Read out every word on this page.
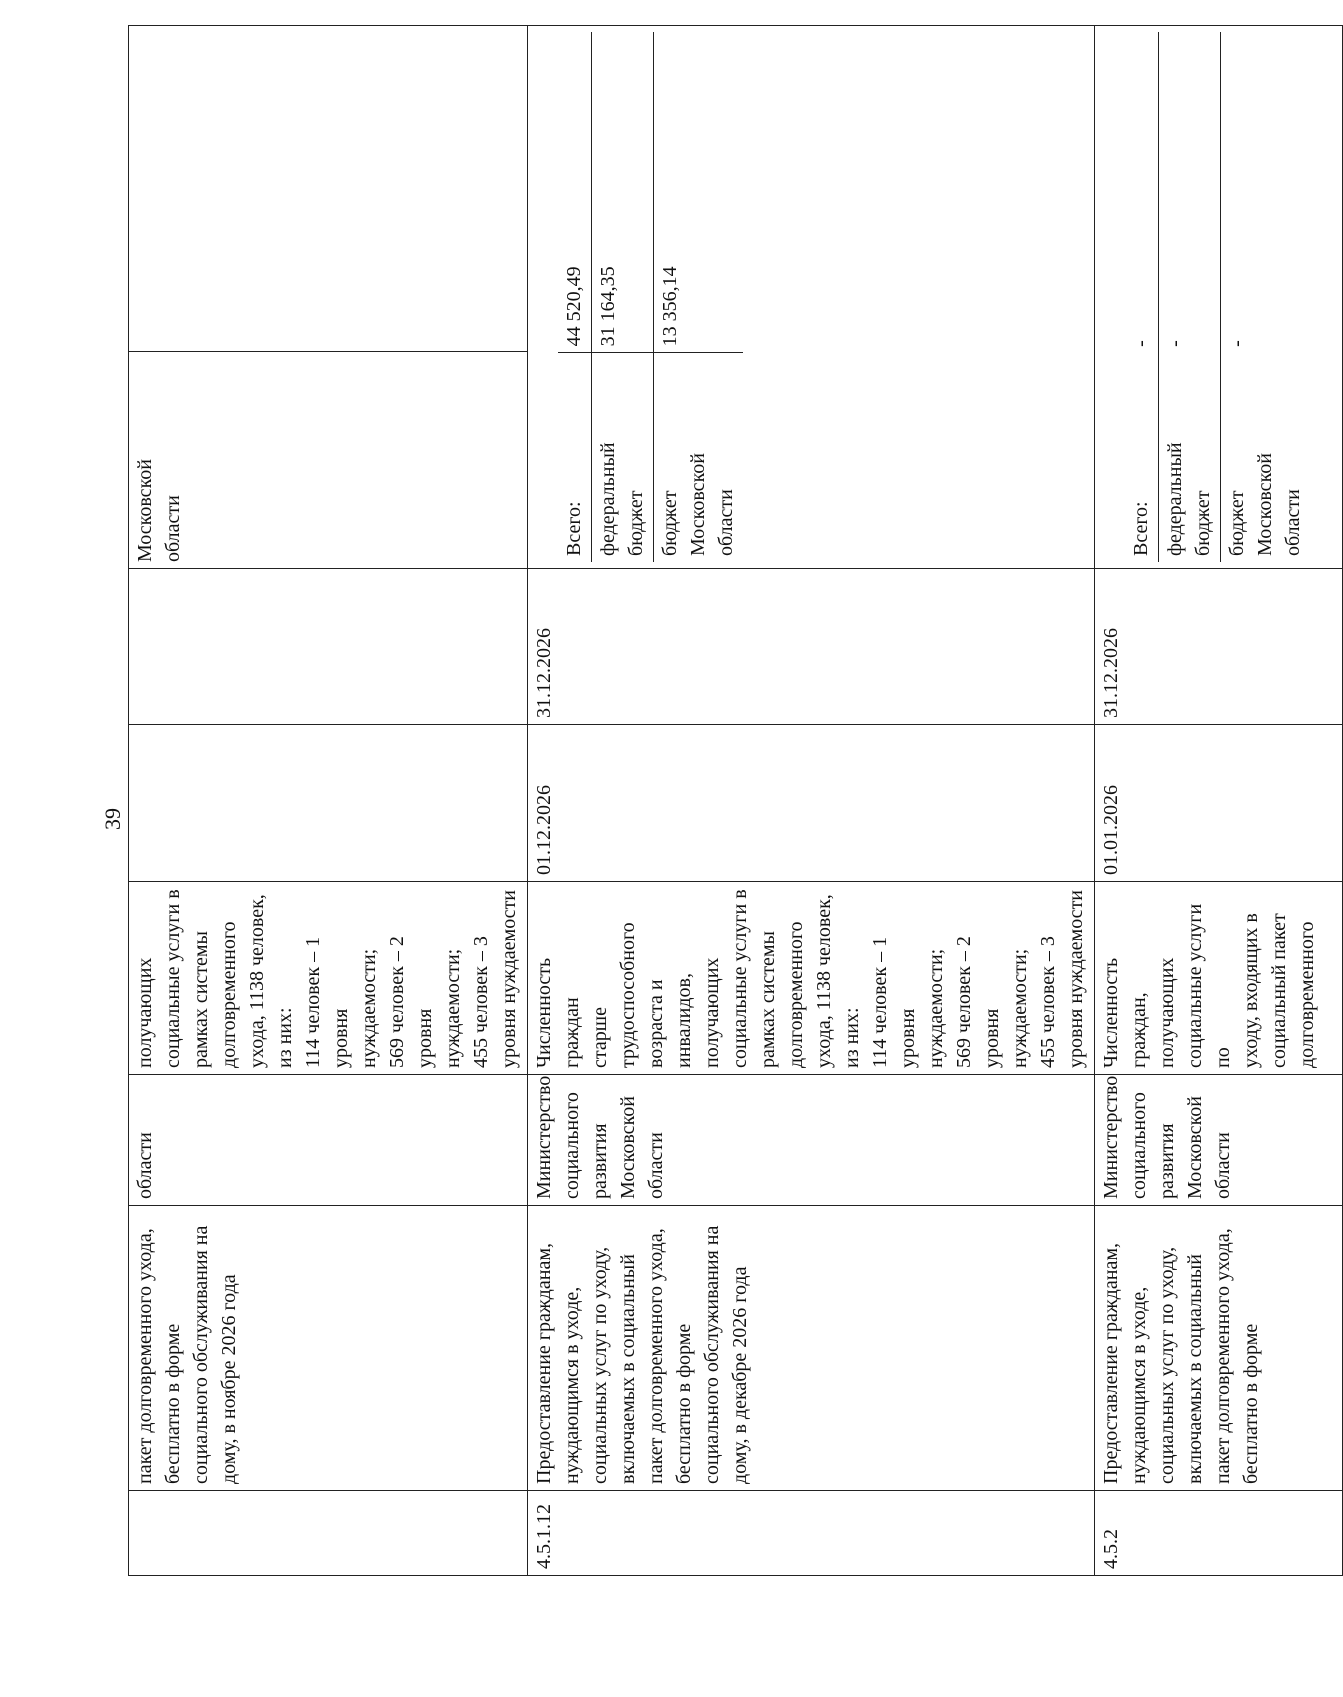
39
	пакет долговременного ухода,
бесплатно в форме
социального обслуживания на
дому, в ноябре 2026 года	области	получающих
социальные услуги в
рамках системы
долговременного
ухода, 1138 человек,
из них:
114 человек – 1
уровня нуждаемости;
569 человек – 2
уровня нуждаемости;
455 человек – 3
уровня нуждаемости			Московской
области	
4.5.1.12	Предоставление гражданам,
нуждающимся в уходе,
социальных услуг по уходу,
включаемых в социальный
пакет долговременного ухода,
бесплатно в форме
социального обслуживания на
дому, в декабре 2026 года	Министерство
социального
развития
Московской
области	Численность граждан
старше
трудоспособного
возраста и инвалидов,
получающих
социальные услуги в
рамках системы
долговременного
ухода, 1138 человек,
из них:
114 человек – 1
уровня нуждаемости;
569 человек – 2
уровня нуждаемости;
455 человек – 3
уровня нуждаемости	01.12.2026	31.12.2026	

Всего:	44 520,49
федеральный
бюджет	31 164,35
бюджет
Московской
области	13 356,14

4.5.2	Предоставление гражданам,
нуждающимся в уходе,
социальных услуг по уходу,
включаемых в социальный
пакет долговременного ухода,
бесплатно в форме	Министерство
социального
развития
Московской
области	Численность граждан,
получающих
социальные услуги по
уходу, входящих в
социальный пакет
долговременного	01.01.2026	31.12.2026	

Всего:	-
федеральный
бюджет	-
бюджет
Московской
области	-
